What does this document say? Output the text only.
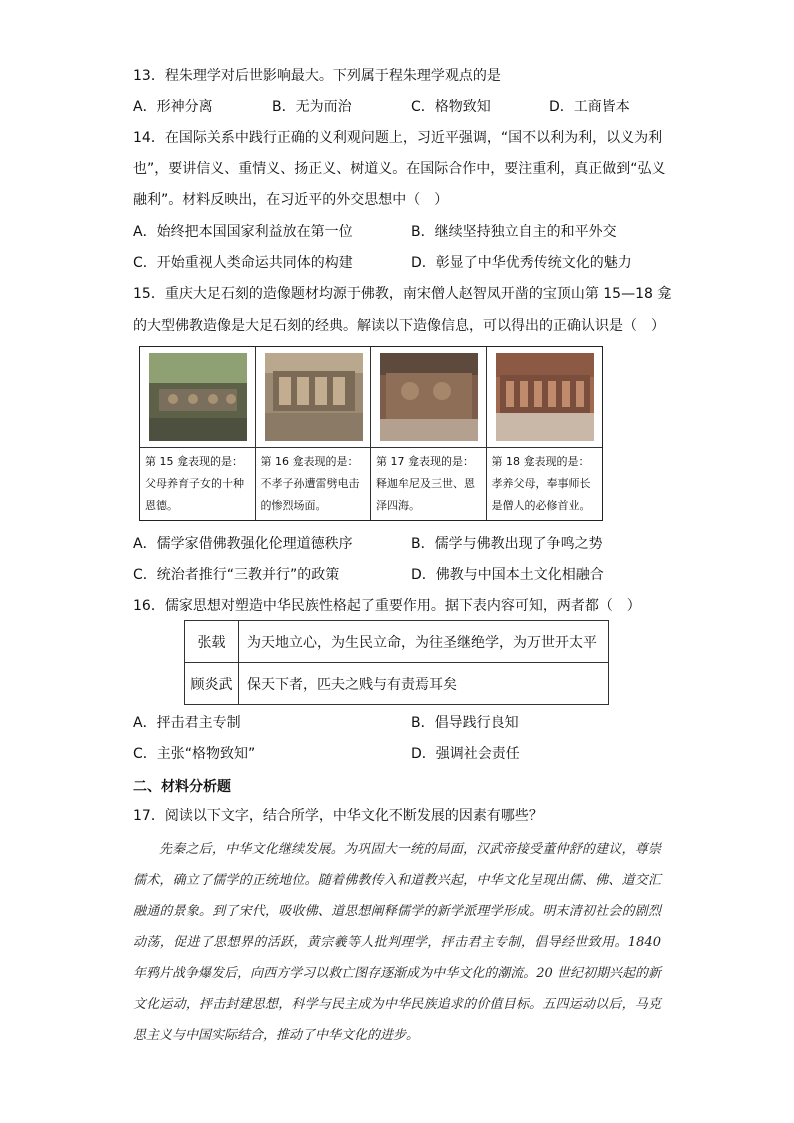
13．程朱理学对后世影响最大。下列属于程朱理学观点的是
A．形神分离	B．无为而治	C．格物致知	D．工商皆本
14．在国际关系中践行正确的义利观问题上，习近平强调，“国不以利为利，以义为利
也”，要讲信义、重情义、扬正义、树道义。在国际合作中，要注重利，真正做到“弘义
融利”。材料反映出，在习近平的外交思想中（　）
A．始终把本国国家利益放在第一位	B．继续坚持独立自主的和平外交
C．开始重视人类命运共同体的构建	D．彰显了中华优秀传统文化的魅力
15．重庆大足石刻的造像题材均源于佛教，南宋僧人赵智凤开凿的宝顶山第 15—18 龛
的大型佛教造像是大足石刻的经典。解读以下造像信息，可以得出的正确认识是（　）
第 15 龛表现的是：父母养育子女的十种恩德。
第 16 龛表现的是：不孝子孙遭雷劈电击的惨烈场面。
第 17 龛表现的是：释迦牟尼及三世、恩泽四海。
第 18 龛表现的是：孝养父母，奉事师长是僧人的必修首业。
A．儒学家借佛教强化伦理道德秩序	B．儒学与佛教出现了争鸣之势
C．统治者推行“三教并行”的政策	D．佛教与中国本土文化相融合
16．儒家思想对塑造中华民族性格起了重要作用。据下表内容可知，两者都（　）
张载	为天地立心，为生民立命，为往圣继绝学，为万世开太平
顾炎武	保天下者，匹夫之贱与有责焉耳矣
A．抨击君主专制	B．倡导践行良知
C．主张“格物致知”	D．强调社会责任
二、材料分析题
17．阅读以下文字，结合所学，中华文化不断发展的因素有哪些？

先秦之后，中华文化继续发展。为巩固大一统的局面，汉武帝接受董仲舒的建议，尊崇儒术，确立了儒学的正统地位。随着佛教传入和道教兴起，中华文化呈现出儒、佛、道交汇融通的景象。到了宋代，吸收佛、道思想阐释儒学的新学派理学形成。明末清初社会的剧烈动荡，促进了思想界的活跃，黄宗羲等人批判理学，抨击君主专制，倡导经世致用。1840 年鸦片战争爆发后，向西方学习以救亡图存逐渐成为中华文化的潮流。20 世纪初期兴起的新文化运动，抨击封建思想，科学与民主成为中华民族追求的价值目标。五四运动以后，马克思主义与中国实际结合，推动了中华文化的进步。
